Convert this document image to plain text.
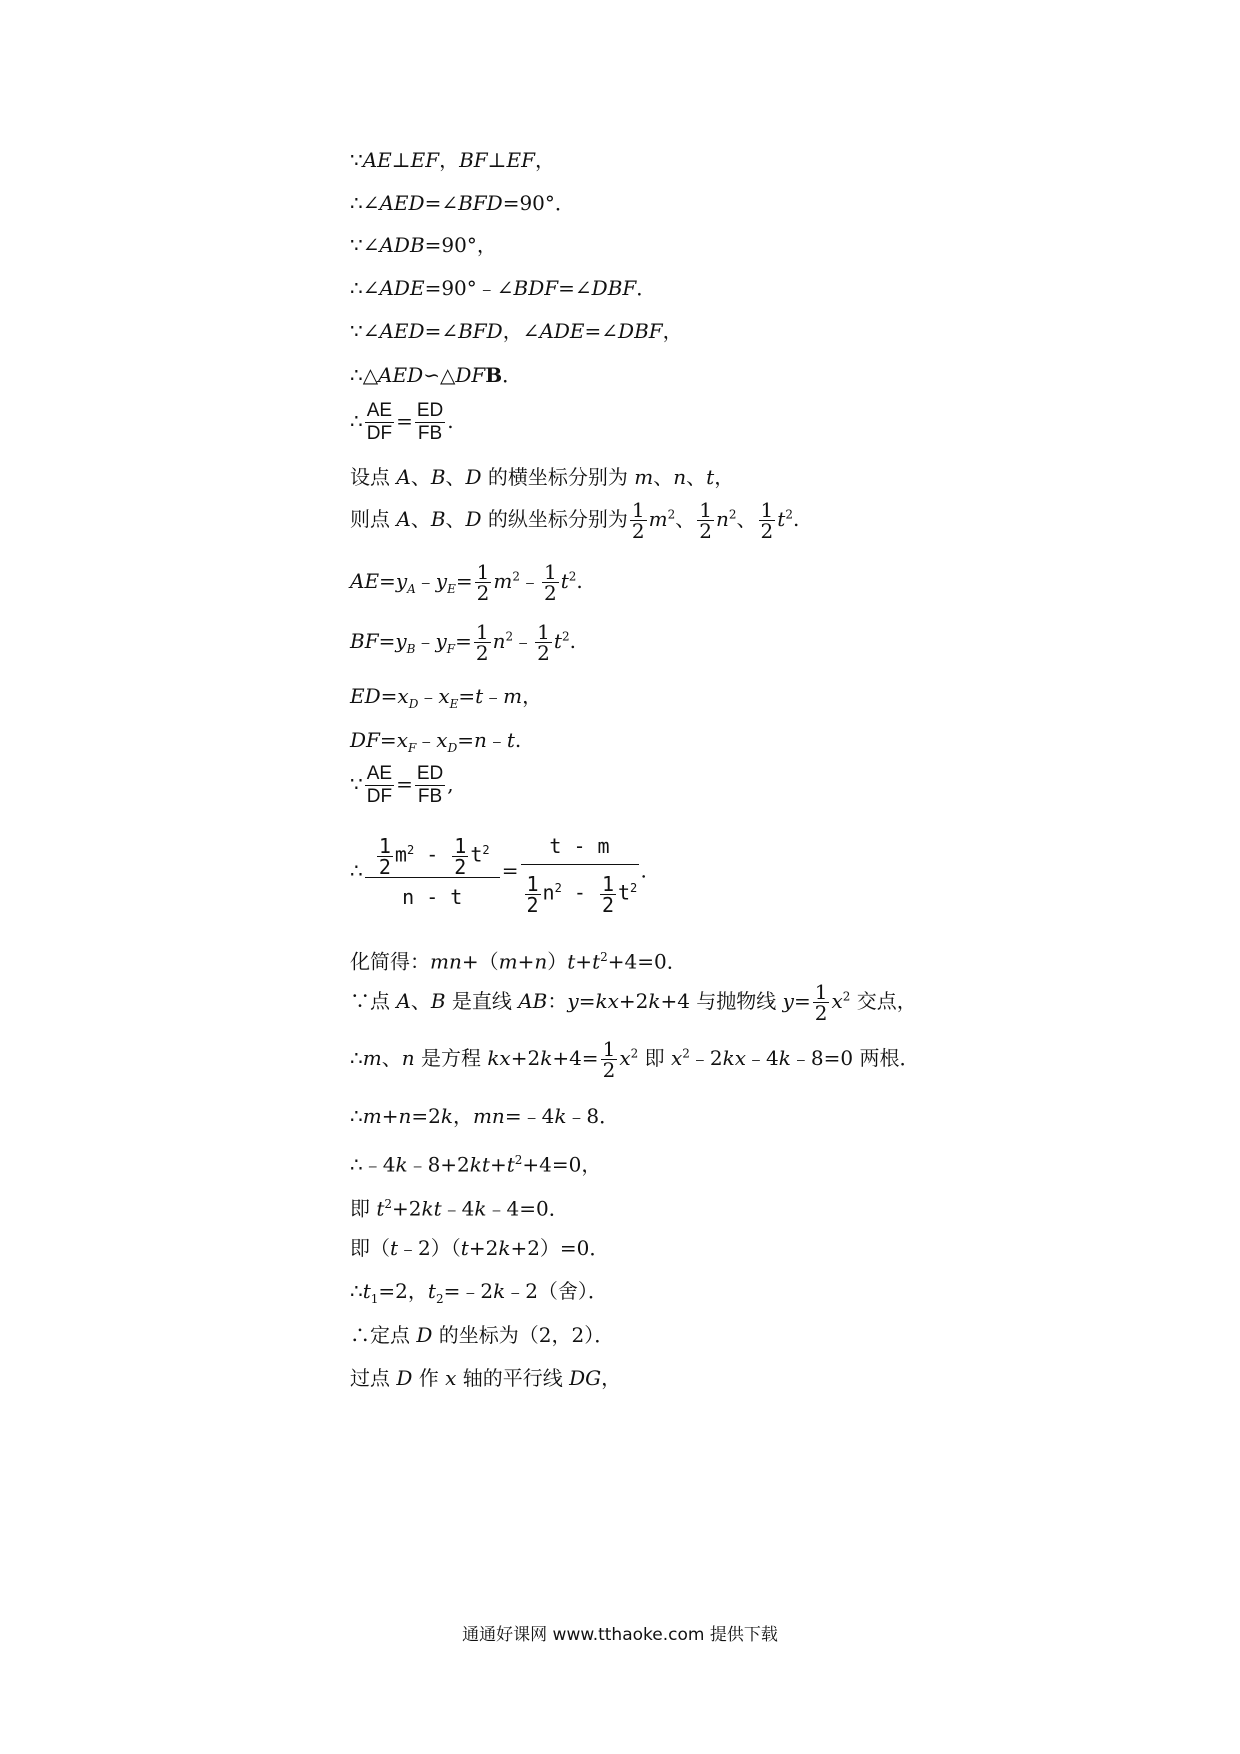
∵AE⊥EF，BF⊥EF，
∴∠AED=∠BFD=90°．
∵∠ADB=90°，
∴∠ADE=90°﹣∠BDF=∠DBF．
∵∠AED=∠BFD，∠ADE=∠DBF，
∴△AED∽△DFB．
∴ $\frac{AE}{DF} = \frac{ED}{FB}$ .
设点 A、B、D 的横坐标分别为 m、n、t，
则点 A、B、D 的纵坐标分别为 $\frac{1}{2} m^2$、 $\frac{1}{2} n^2$、 $\frac{1}{2} t^2$.
$AE=y_A﹣y_E= \frac{1}{2}$ $m^2﹣ \frac{1}{2} t^2$.
$BF=y_B﹣y_F= \frac{1}{2}$ $n^2﹣ \frac{1}{2} t^2$.
$ED=x_D﹣x_E=t﹣m$，
$DF=x_F﹣x_D=n﹣t$.
∵ $\frac{AE}{DF} = \frac{ED}{FB}$ ,
∴ $\frac{\frac{1}{2} m^2 - \frac{1}{2} t^2}{n - t} = \frac{t - m}{\frac{1}{2} n^2 - \frac{1}{2} t^2}$ .
化简得：$mn+(m+n)t+t^2+4=0$．
∵点 A、B 是直线 AB：y=kx+2k+4 与抛物线 $y= \frac{1}{2} x^2$ 交点，
∴m、n 是方程 $kx+2k+4= \frac{1}{2} x^2$ 即 $x^2﹣2kx﹣4k﹣8=0$ 两根．
∴m+n=2k，mn=﹣4k﹣8．
$\therefore﹣4k﹣8+2kt+t^2+4=0$，
即 $t^2+2kt﹣4k﹣4=0$．
即（t﹣2）（t+2k+2）=0．
$\therefore t_1=2$，$t_2=﹣2k﹣2$（舍）．
∴定点 D 的坐标为（2，2）．
过点 D 作 x 轴的平行线 DG，
通通好课网 www.tthaoke.com 提供下载
